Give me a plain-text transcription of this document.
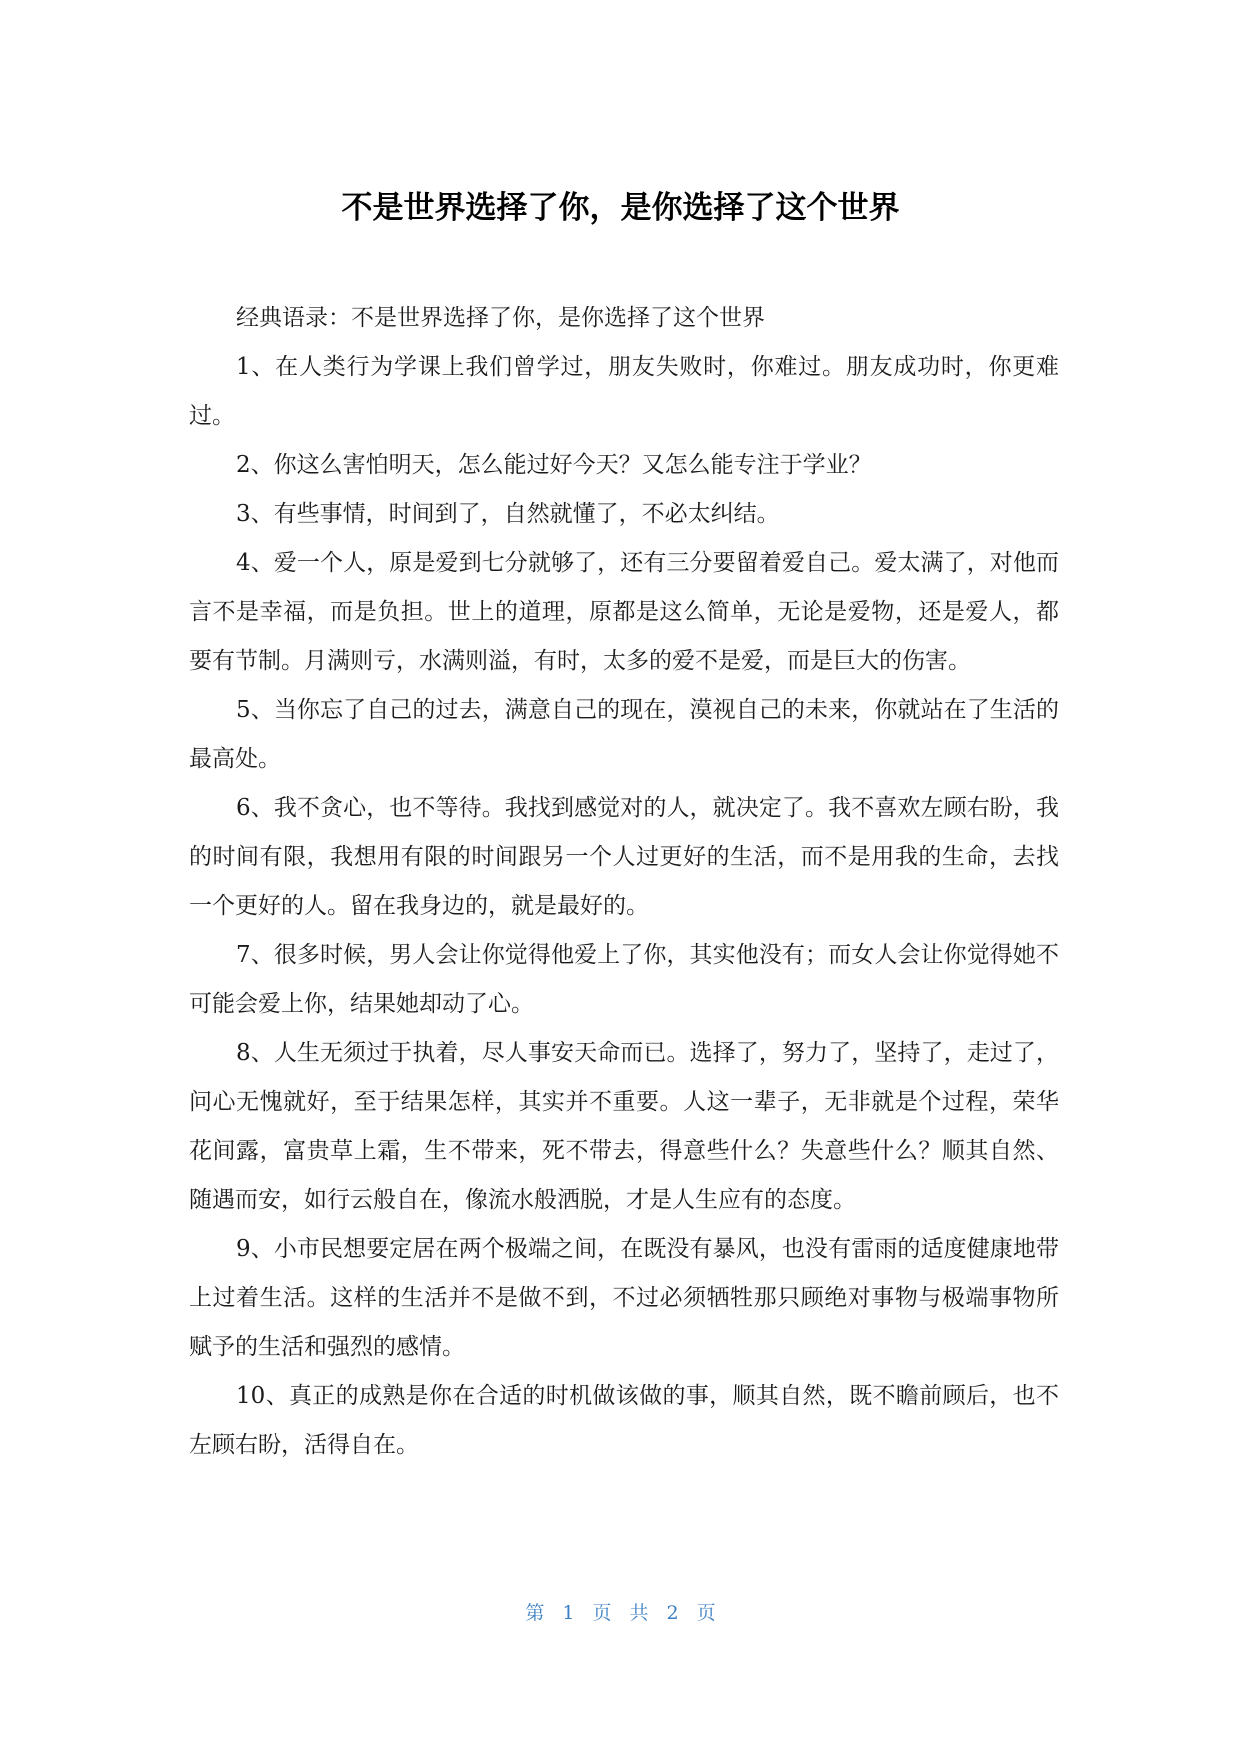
不是世界选择了你，是你选择了这个世界

经典语录：不是世界选择了你，是你选择了这个世界

1、在人类行为学课上我们曾学过，朋友失败时，你难过。朋友成功时，你更难过。

2、你这么害怕明天，怎么能过好今天？又怎么能专注于学业？

3、有些事情，时间到了，自然就懂了，不必太纠结。

4、爱一个人，原是爱到七分就够了，还有三分要留着爱自己。爱太满了，对他而言不是幸福，而是负担。世上的道理，原都是这么简单，无论是爱物，还是爱人，都要有节制。月满则亏，水满则溢，有时，太多的爱不是爱，而是巨大的伤害。

5、当你忘了自己的过去，满意自己的现在，漠视自己的未来，你就站在了生活的最高处。

6、我不贪心，也不等待。我找到感觉对的人，就决定了。我不喜欢左顾右盼，我的时间有限，我想用有限的时间跟另一个人过更好的生活，而不是用我的生命，去找一个更好的人。留在我身边的，就是最好的。

7、很多时候，男人会让你觉得他爱上了你，其实他没有；而女人会让你觉得她不可能会爱上你，结果她却动了心。

8、人生无须过于执着，尽人事安天命而已。选择了，努力了，坚持了，走过了，问心无愧就好，至于结果怎样，其实并不重要。人这一辈子，无非就是个过程，荣华花间露，富贵草上霜，生不带来，死不带去，得意些什么？失意些什么？顺其自然、随遇而安，如行云般自在，像流水般洒脱，才是人生应有的态度。

9、小市民想要定居在两个极端之间，在既没有暴风，也没有雷雨的适度健康地带上过着生活。这样的生活并不是做不到，不过必须牺牲那只顾绝对事物与极端事物所赋予的生活和强烈的感情。

10、真正的成熟是你在合适的时机做该做的事，顺其自然，既不瞻前顾后，也不左顾右盼，活得自在。

第 1 页 共 2 页
